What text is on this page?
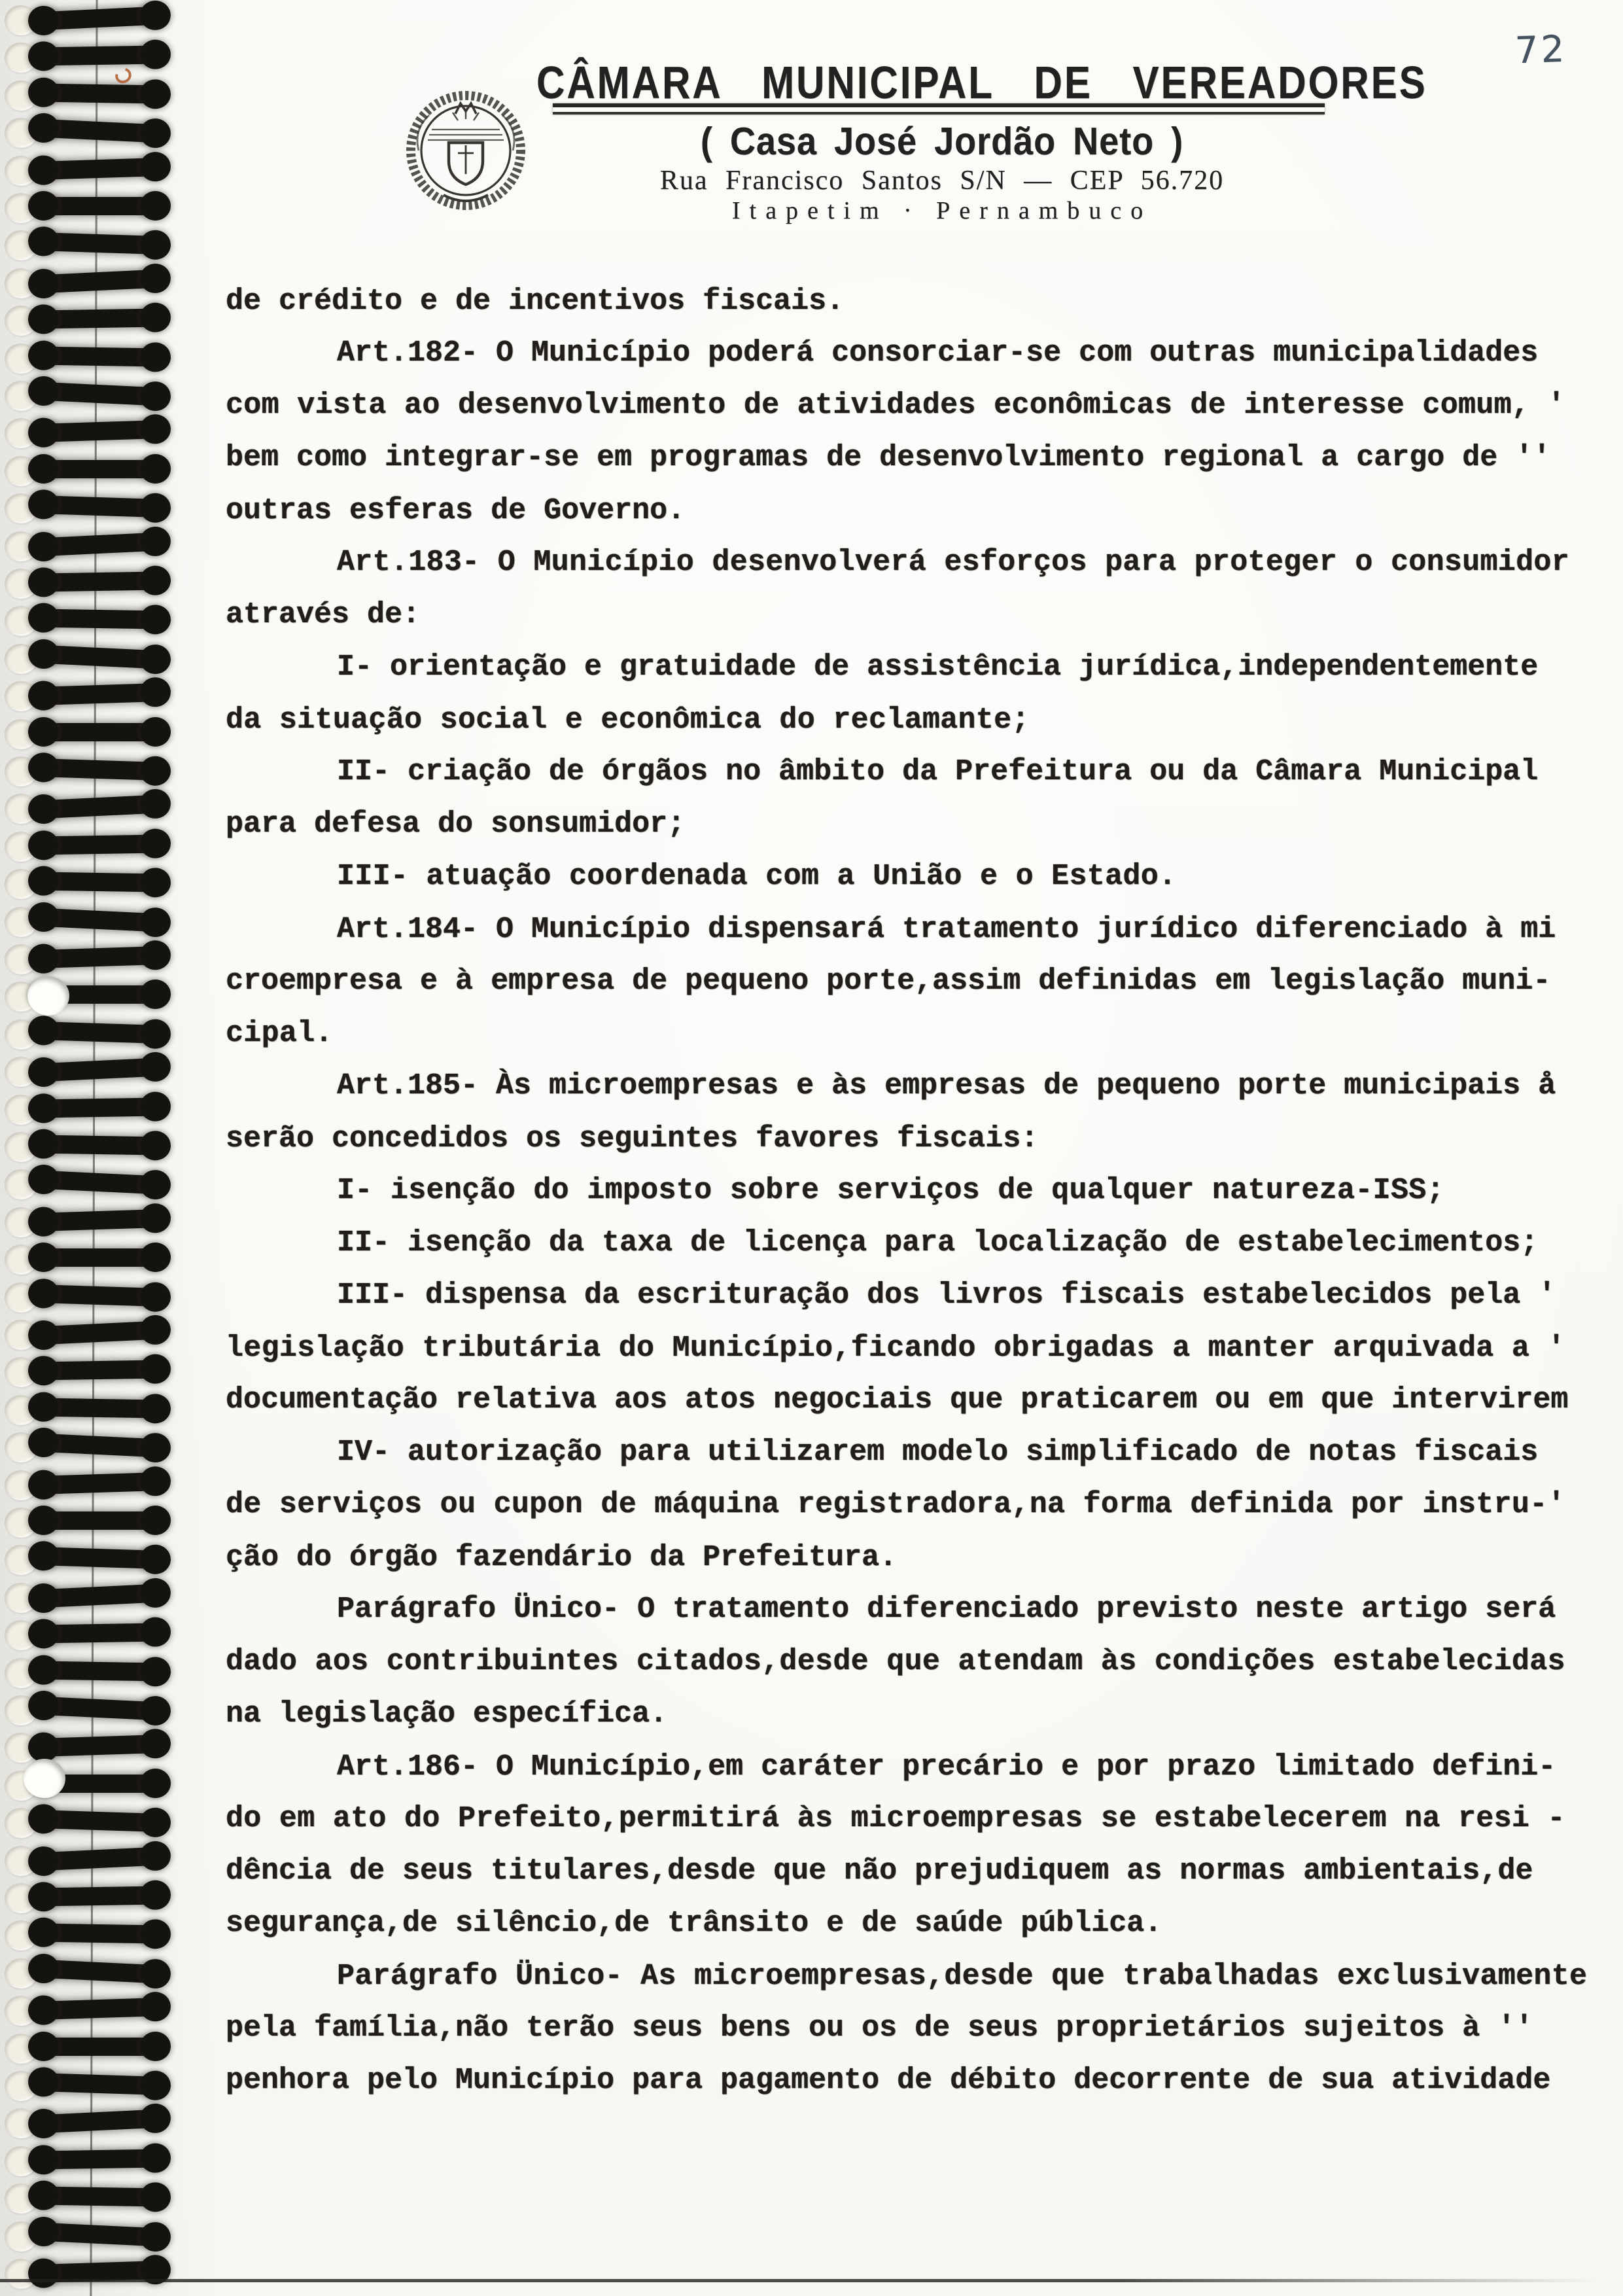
72
CÂMARA MUNICIPAL DE VEREADORES
( Casa José Jordão Neto )
Rua Francisco Santos S/N — CEP 56.720
Itapetim · Pernambuco
de crédito e de incentivos fiscais.
Art.182- O Município poderá consorciar-se com outras municipalidades
com vista ao desenvolvimento de atividades econômicas de interesse comum, '
bem como integrar-se em programas de desenvolvimento regional a cargo de ''
outras esferas de Governo.
Art.183- O Município desenvolverá esforços para proteger o consumidor
através de:
I- orientação e gratuidade de assistência jurídica,independentemente
da situação social e econômica do reclamante;
II- criação de órgãos no âmbito da Prefeitura ou da Câmara Municipal
para defesa do sonsumidor;
III- atuação coordenada com a União e o Estado.
Art.184- O Município dispensará tratamento jurídico diferenciado à mi
croempresa e à empresa de pequeno porte,assim definidas em legislação muni-
cipal.
Art.185- Às microempresas e às empresas de pequeno porte municipais å
serão concedidos os seguintes favores fiscais:
I- isenção do imposto sobre serviços de qualquer natureza-ISS;
II- isenção da taxa de licença para localização de estabelecimentos;
III- dispensa da escrituração dos livros fiscais estabelecidos pela '
legislação tributária do Município,ficando obrigadas a manter arquivada a '
documentação relativa aos atos negociais que praticarem ou em que intervirem
IV- autorização para utilizarem modelo simplificado de notas fiscais
de serviços ou cupon de máquina registradora,na forma definida por instru-'
ção do órgão fazendário da Prefeitura.
Parágrafo Ünico- O tratamento diferenciado previsto neste artigo será
dado aos contribuintes citados,desde que atendam às condições estabelecidas
na legislação específica.
Art.186- O Município,em caráter precário e por prazo limitado defini-
do em ato do Prefeito,permitirá às microempresas se estabelecerem na resi -
dência de seus titulares,desde que não prejudiquem as normas ambientais,de
segurança,de silêncio,de trânsito e de saúde pública.
Parágrafo Ünico- As microempresas,desde que trabalhadas exclusivamente
pela família,não terão seus bens ou os de seus proprietários sujeitos à ''
penhora pelo Município para pagamento de débito decorrente de sua atividade
